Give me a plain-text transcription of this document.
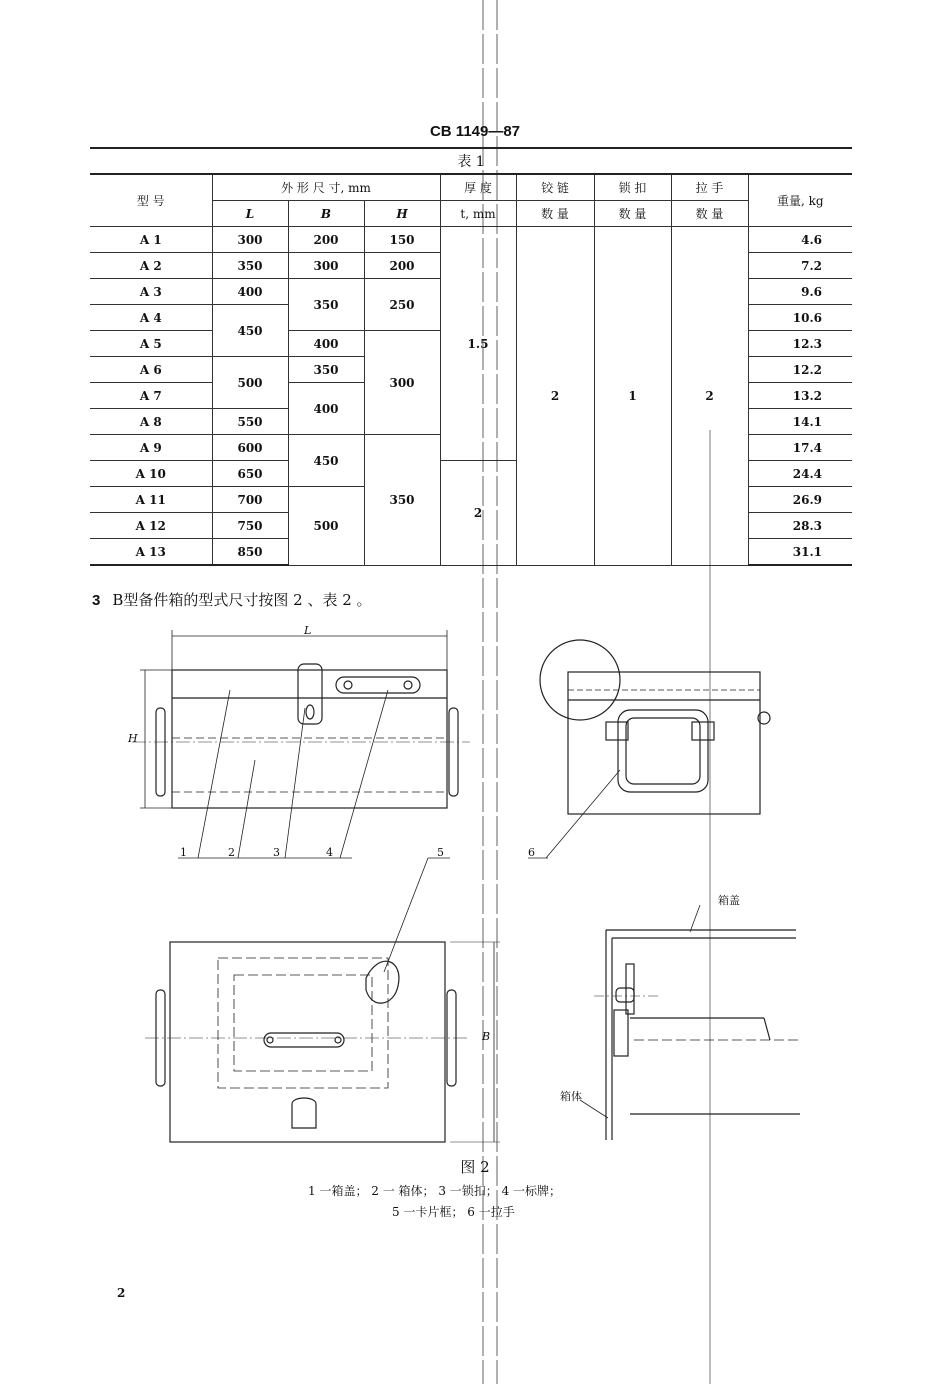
CB 1149—87
表 1								
型 号	外 形 尺 寸, mm			厚 度	铰 链	锁 扣	拉 手	重量, kg
	L	B	H	t, mm	数 量	数 量	数 量	
A 1	300	200	150	1.5	2	1	2	4.6
A 2	350	300	200					7.2
A 3	400	350	250					9.6
A 4	450							10.6
A 5		400	300					12.3
A 6	500	350						12.2
A 7		400						13.2
A 8	550							14.1
A 9	600	450	350					17.4
A 10	650			2				24.4
A 11	700	500						26.9
A 12	750							28.3
A 13	850							31.1
3 B型备件箱的型式尺寸按图 2 、表 2 。
L
H
B
1	2	3	4	5	6
箱盖
箱体
图 2
1 一箱盖； 2 一 箱体； 3 一锁扣； 4 一标牌；
5 一卡片框； 6 一拉手
2
